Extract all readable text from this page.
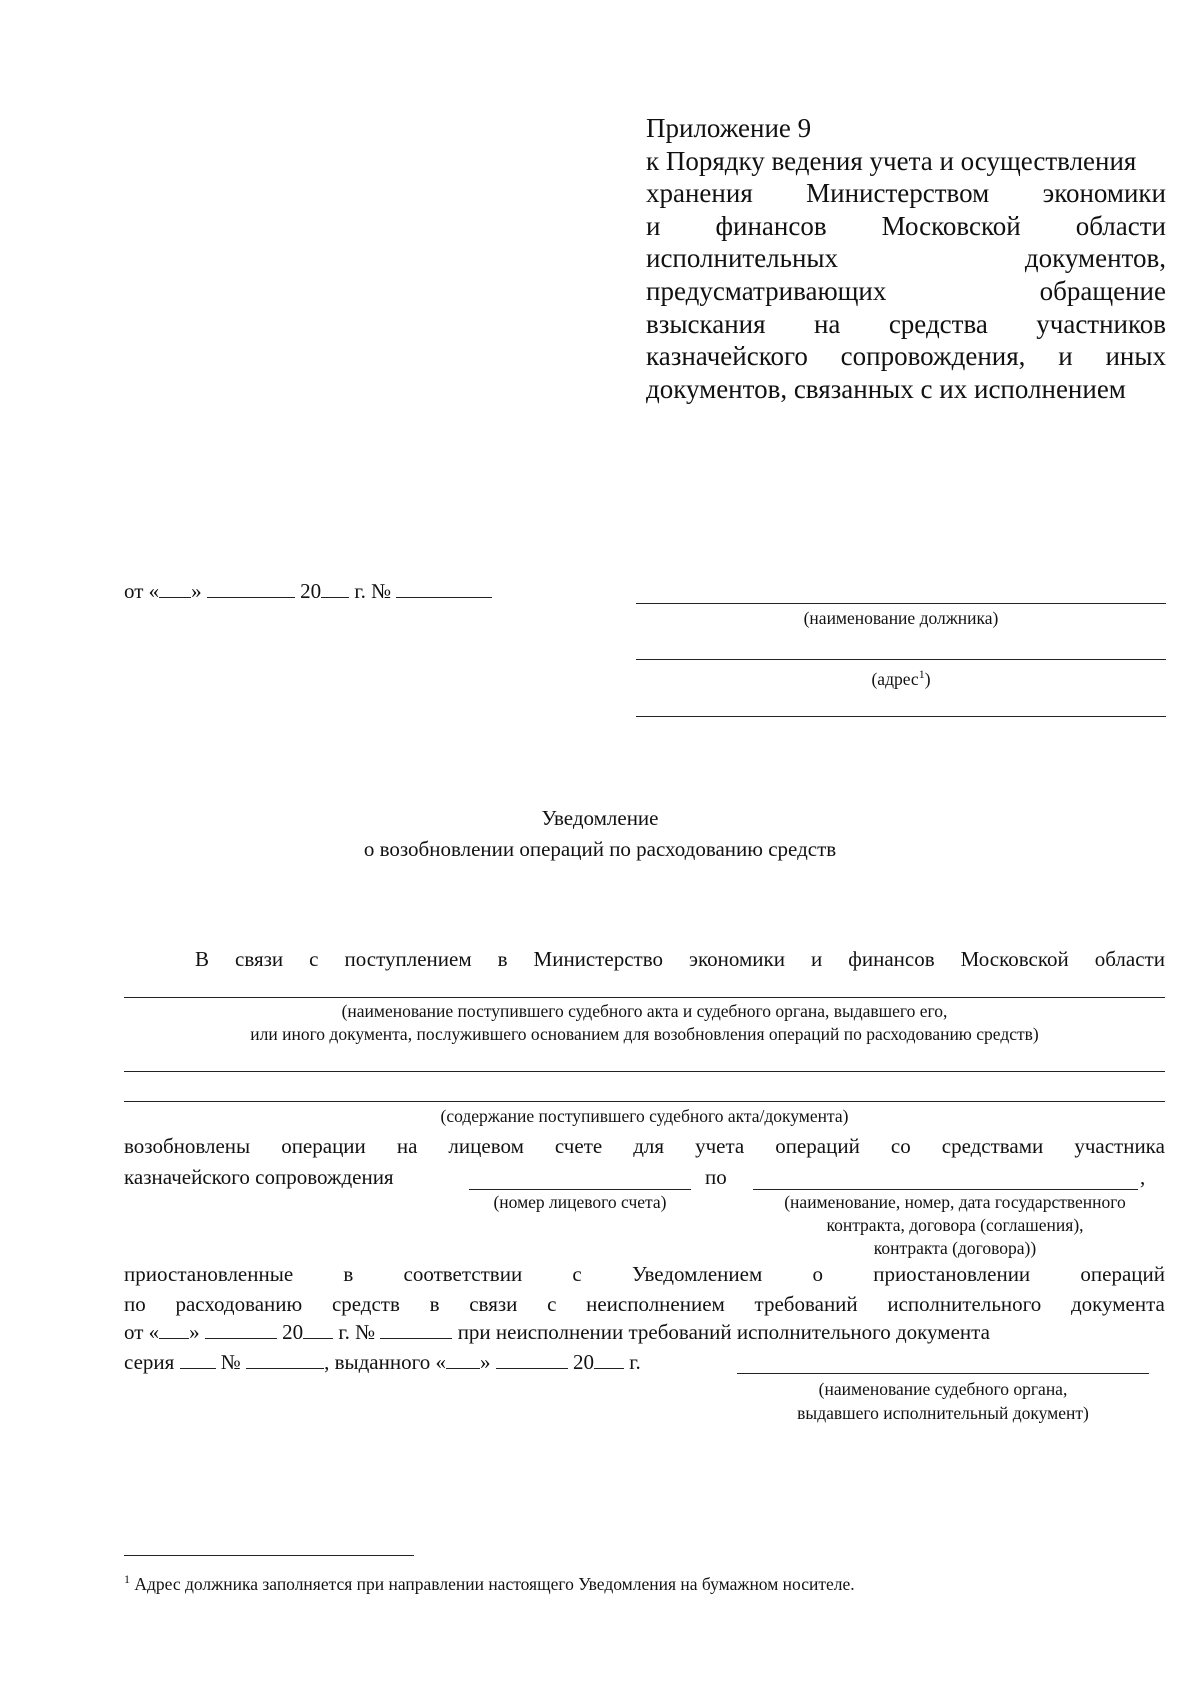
Приложение 9
к Порядку ведения учета и осуществления
хранения Министерством экономики
и финансов Московской области
исполнительных документов,
предусматривающих обращение
взыскания на средства участников
казначейского сопровождения, и иных
документов, связанных с их исполнением
от « »	20 г. №
(наименование должника)
(адрес$^1$)
Уведомление
о возобновлении операций по расходованию средств
В связи с поступлением в Министерство экономики и финансов Московской области
(наименование поступившего судебного акта и судебного органа, выдавшего его,
или иного документа, послужившего основанием для возобновления операций по расходованию средств)
(содержание поступившего судебного акта/документа)
возобновлены операции на лицевом счете для учета операций со средствами участника
казначейского сопровождения	по	,
(номер лицевого счета)	(наименование, номер, дата государственного
контракта, договора (соглашения),
контракта (договора))
приостановленные в соответствии с Уведомлением о приостановлении операций
по расходованию средств в связи с неисполнением требований исполнительного документа
от « »	20 г. №	при неисполнении требований исполнительного документа
серия №	, выданного « »	20 г.
(наименование судебного органа,
выдавшего исполнительный документ)
$^1$ Адрес должника заполняется при направлении настоящего Уведомления на бумажном носителе.
